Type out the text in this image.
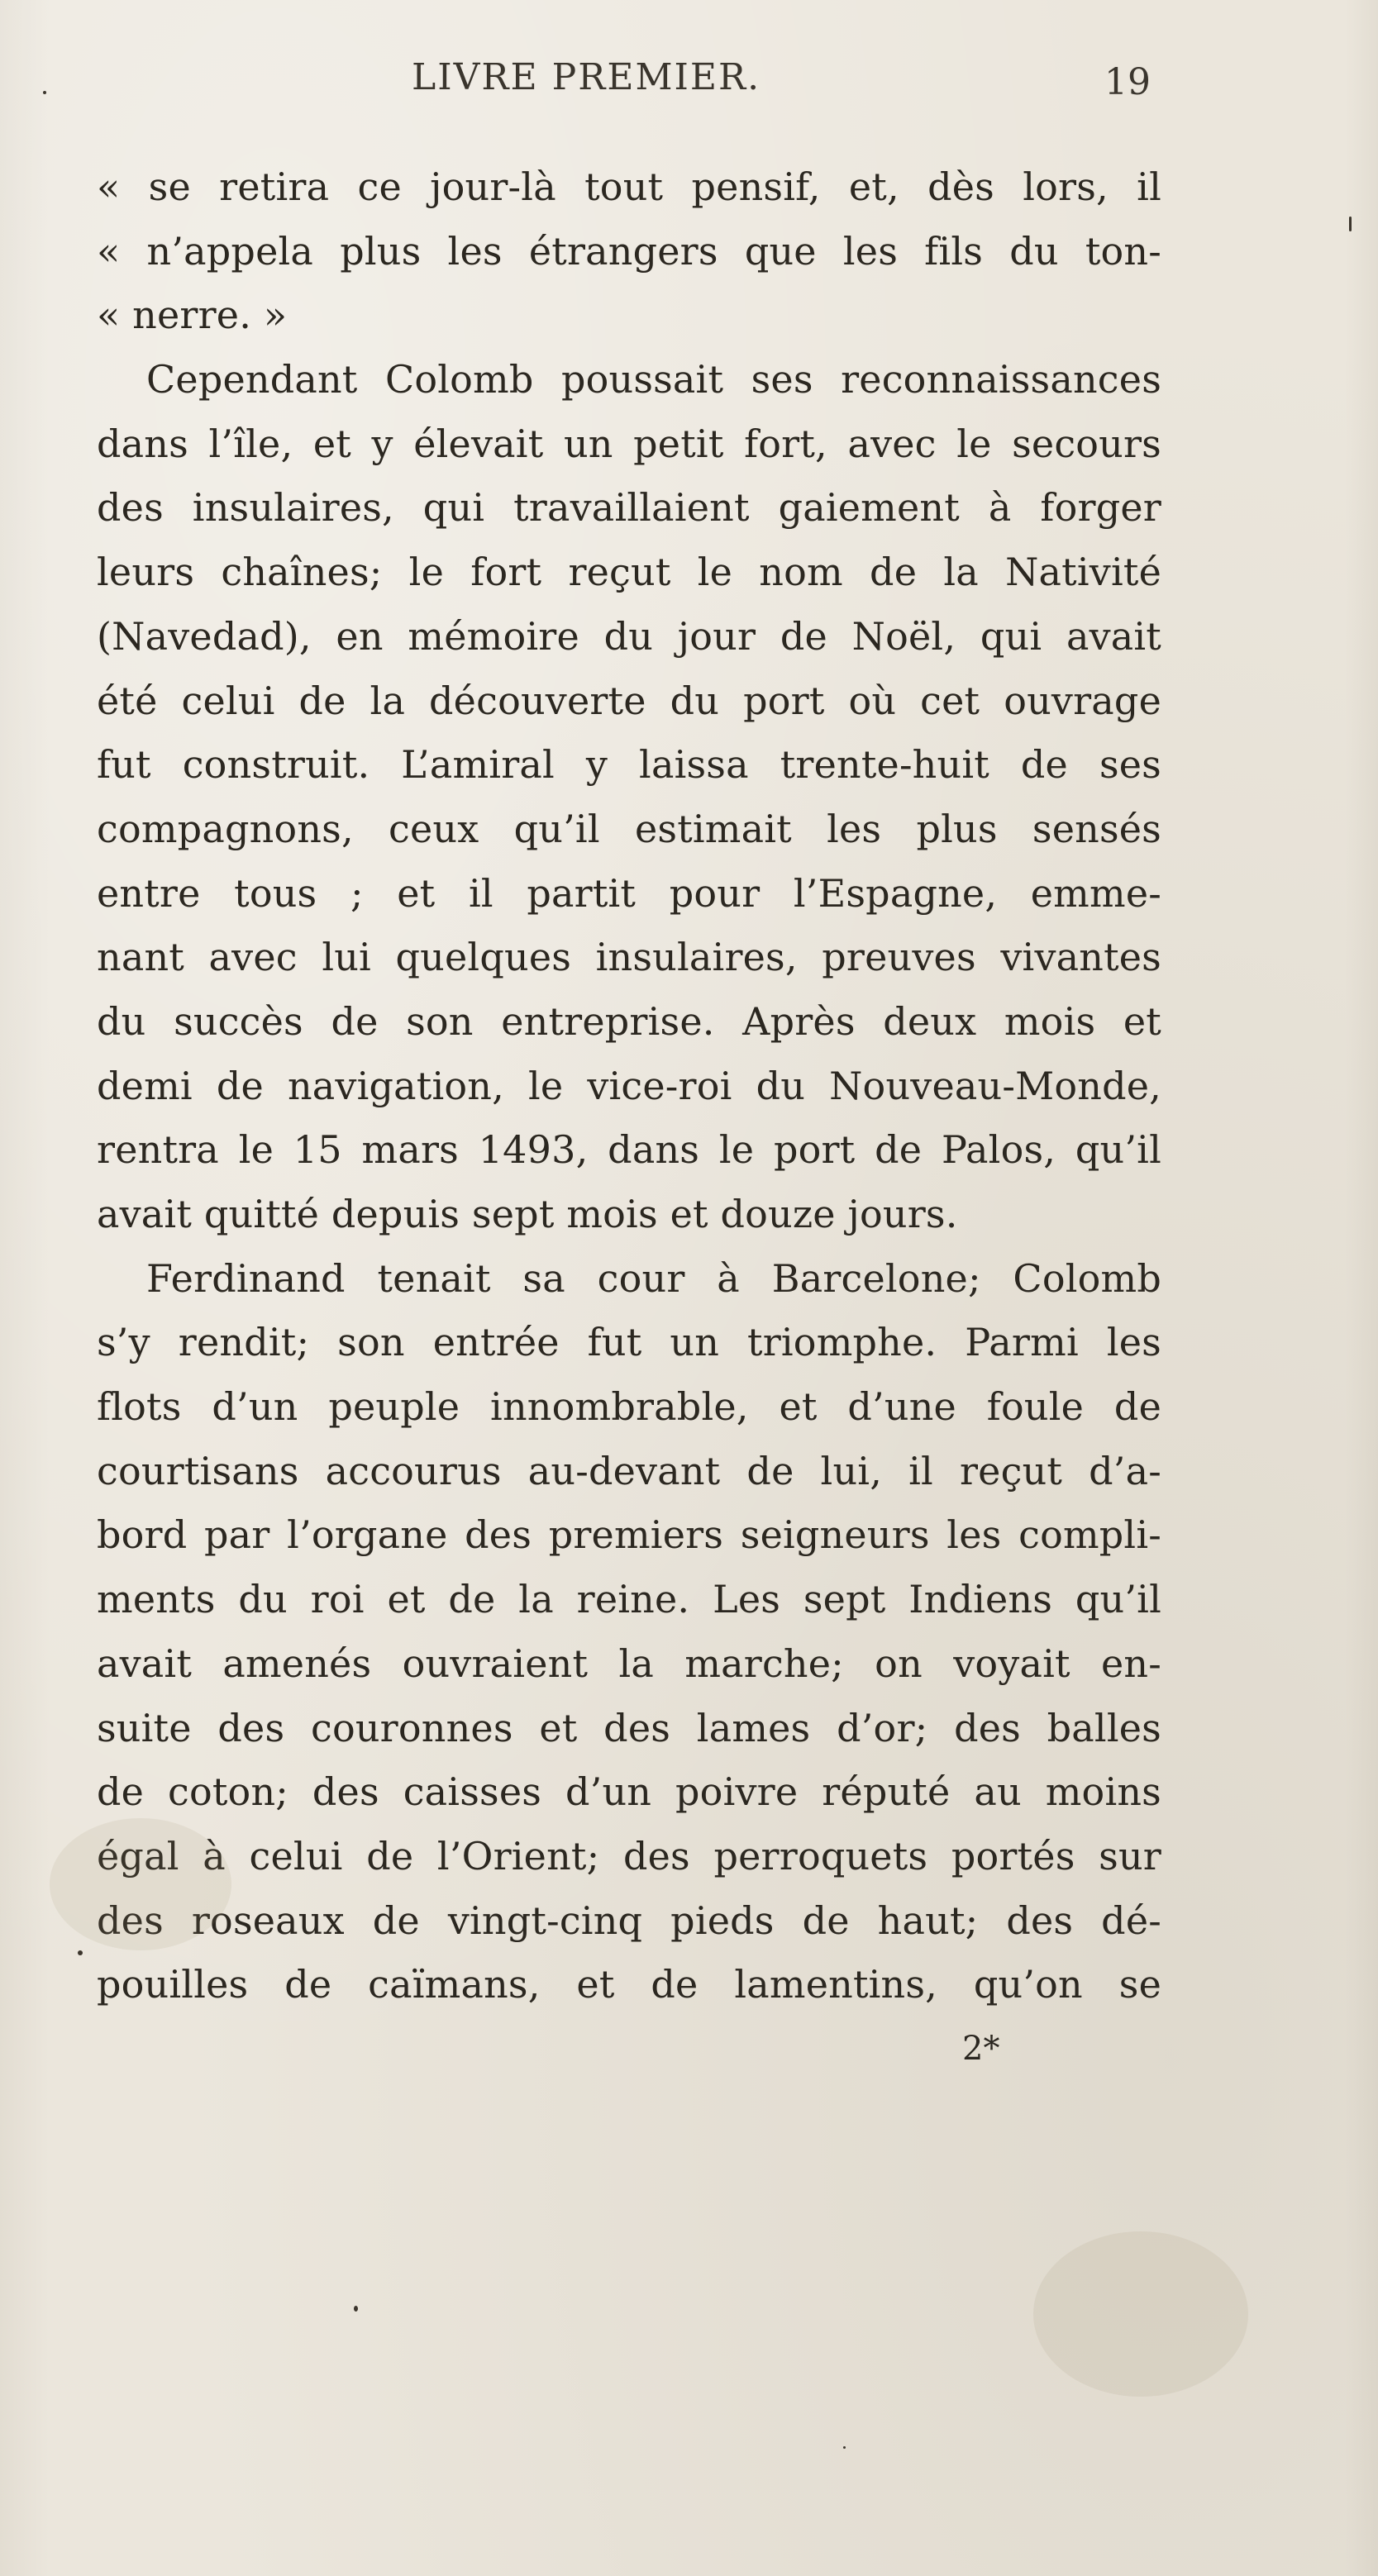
LIVRE PREMIER.	19
« se retira ce jour-là tout pensif, et, dès lors, il
« n’appela plus les étrangers que les fils du ton-
« nerre. »
Cependant Colomb poussait ses reconnaissances
dans l’île, et y élevait un petit fort, avec le secours
des insulaires, qui travaillaient gaiement à forger
leurs chaînes; le fort reçut le nom de la Nativité
(Navedad), en mémoire du jour de Noël, qui avait
été celui de la découverte du port où cet ouvrage
fut construit. L’amiral y laissa trente-huit de ses
compagnons, ceux qu’il estimait les plus sensés
entre tous ; et il partit pour l’Espagne, emme-
nant avec lui quelques insulaires, preuves vivantes
du succès de son entreprise. Après deux mois et
demi de navigation, le vice-roi du Nouveau-Monde,
rentra le 15 mars 1493, dans le port de Palos, qu’il
avait quitté depuis sept mois et douze jours.
Ferdinand tenait sa cour à Barcelone; Colomb
s’y rendit; son entrée fut un triomphe. Parmi les
flots d’un peuple innombrable, et d’une foule de
courtisans accourus au-devant de lui, il reçut d’a-
bord par l’organe des premiers seigneurs les compli-
ments du roi et de la reine. Les sept Indiens qu’il
avait amenés ouvraient la marche; on voyait en-
suite des couronnes et des lames d’or; des balles
de coton; des caisses d’un poivre réputé au moins
égal à celui de l’Orient; des perroquets portés sur
des roseaux de vingt-cinq pieds de haut; des dé-
pouilles de caïmans, et de lamentins, qu’on se
2*
